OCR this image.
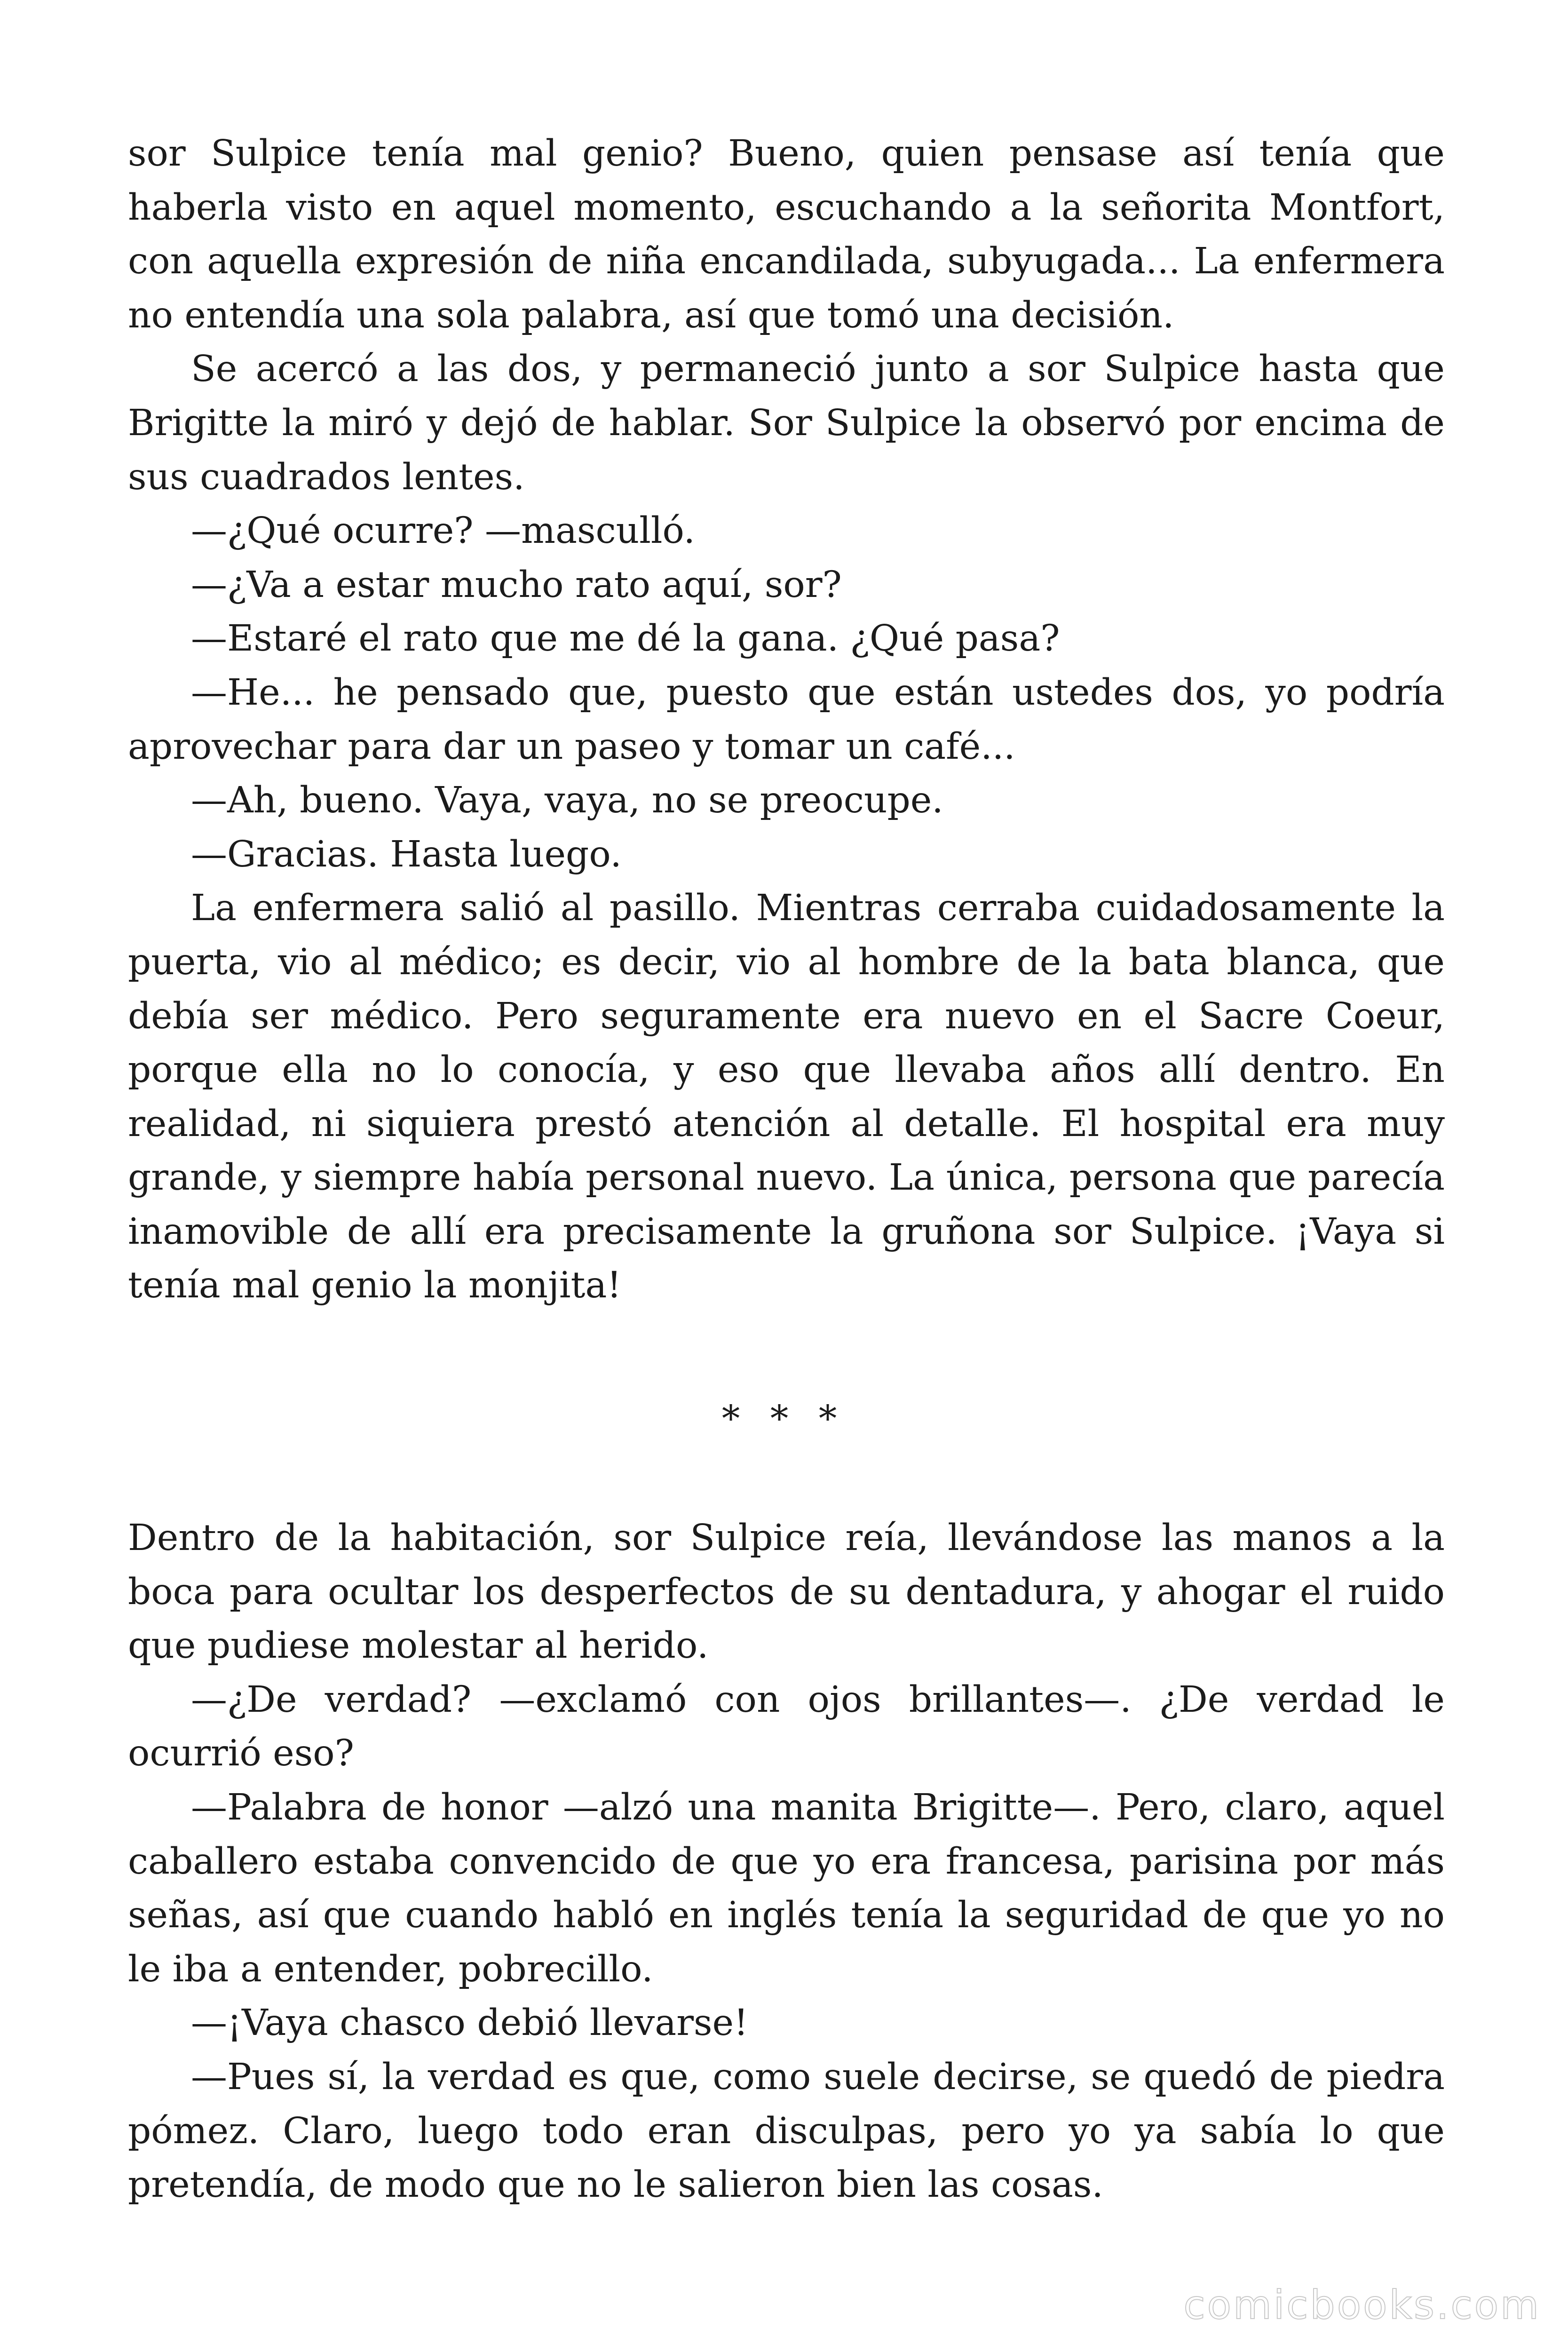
sor Sulpice tenía mal genio? Bueno, quien pensase así tenía que haberla visto en aquel momento, escuchando a la señorita Montfort, con aquella expresión de niña encandilada, subyugada... La enfermera no entendía una sola palabra, así que tomó una decisión.

Se acercó a las dos, y permaneció junto a sor Sulpice hasta que Brigitte la miró y dejó de hablar. Sor Sulpice la observó por encima de sus cuadrados lentes.

—¿Qué ocurre? —masculló.

—¿Va a estar mucho rato aquí, sor?

—Estaré el rato que me dé la gana. ¿Qué pasa?

—He... he pensado que, puesto que están ustedes dos, yo podría aprovechar para dar un paseo y tomar un café...

—Ah, bueno. Vaya, vaya, no se preocupe.

—Gracias. Hasta luego.

La enfermera salió al pasillo. Mientras cerraba cuidadosamente la puerta, vio al médico; es decir, vio al hombre de la bata blanca, que debía ser médico. Pero seguramente era nuevo en el Sacre Coeur, porque ella no lo conocía, y eso que llevaba años allí dentro. En realidad, ni siquiera prestó atención al detalle. El hospital era muy grande, y siempre había personal nuevo. La única, persona que parecía inamovible de allí era precisamente la gruñona sor Sulpice. ¡Vaya si tenía mal genio la monjita!

* * *

Dentro de la habitación, sor Sulpice reía, llevándose las manos a la boca para ocultar los desperfectos de su dentadura, y ahogar el ruido que pudiese molestar al herido.

—¿De verdad? —exclamó con ojos brillantes—. ¿De verdad le ocurrió eso?

—Palabra de honor —alzó una manita Brigitte—. Pero, claro, aquel caballero estaba convencido de que yo era francesa, parisina por más señas, así que cuando habló en inglés tenía la seguridad de que yo no le iba a entender, pobrecillo.

—¡Vaya chasco debió llevarse!

—Pues sí, la verdad es que, como suele decirse, se quedó de piedra pómez. Claro, luego todo eran disculpas, pero yo ya sabía lo que pretendía, de modo que no le salieron bien las cosas.

comicbooks.com
